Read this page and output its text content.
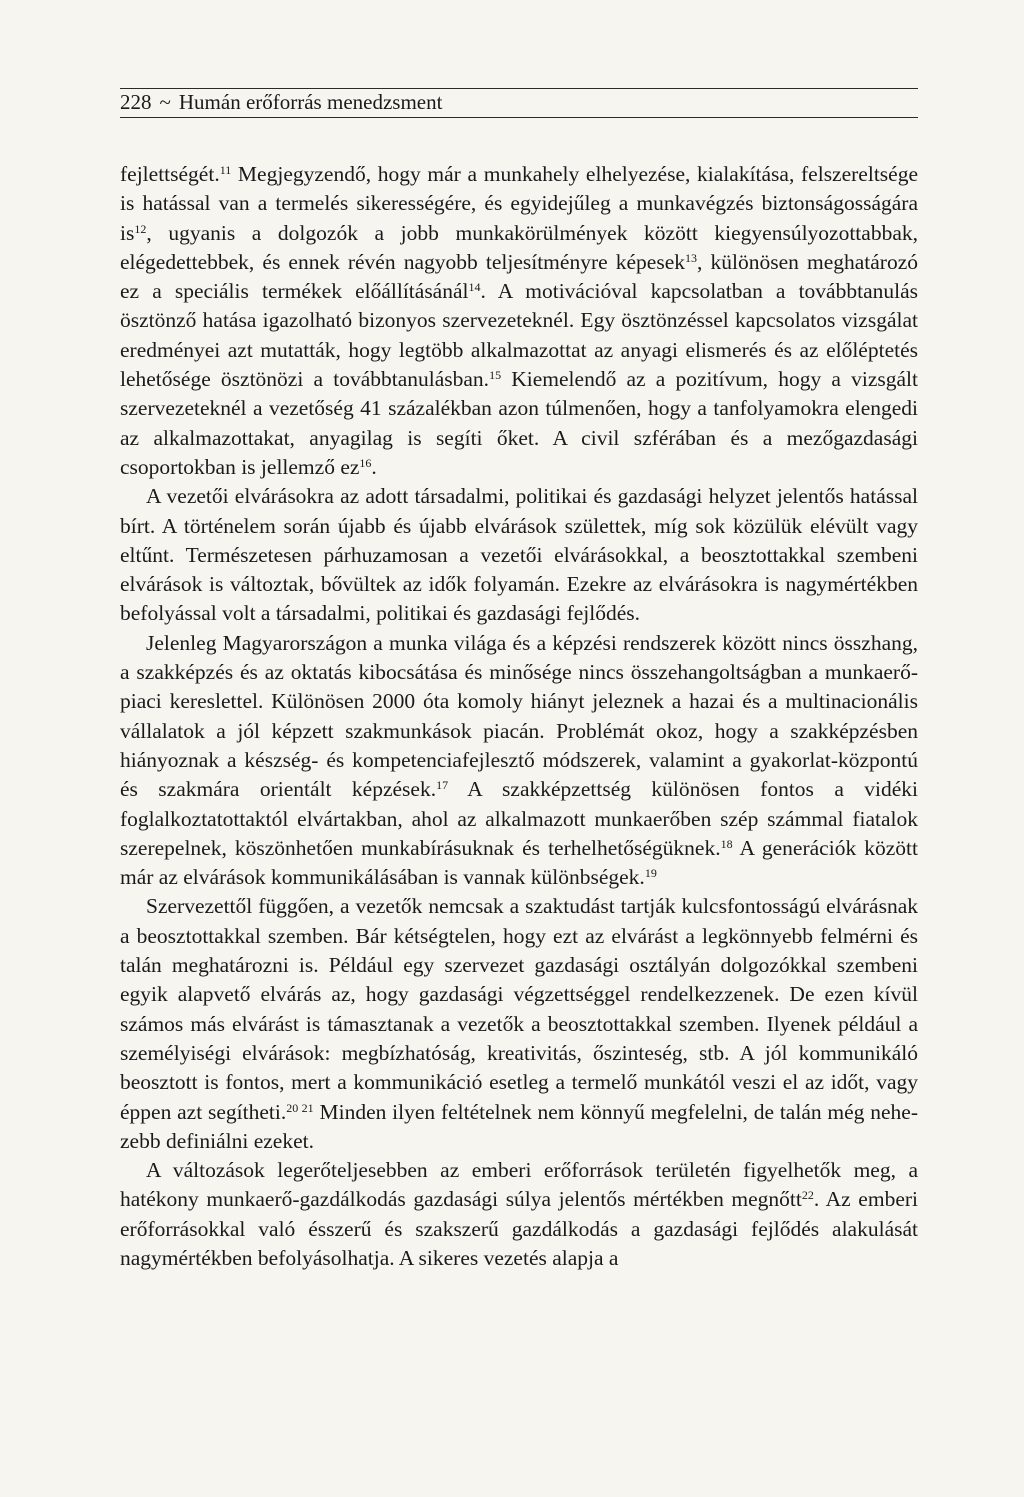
228 ~ Humán erőforrás menedzsment

fejlettségét.$^{11}$ Megjegyzendő, hogy már a munkahely elhelyezése, kialakítása, felszereltsége is hatással van a termelés sikerességére, és egyidejűleg a munkavégzés biztonságosságára $is^{12}$, ugyanis a dolgozók a jobb munkakörülmények között kiegyensúlyozottabbak, elégedettebbek, és ennek révén nagyobb teljesítményre képesek$^{13}$, különösen meghatározó ez a speciális termékek előállításánál$^{14}$. A motivációval kapcsolatban a továbbtanulás ösztönző hatása igazolható bizonyos szervezeteknél. Egy ösztönzéssel kapcsolatos vizsgálat eredményei azt mutatták, hogy legtöbb alkalmazottat az anyagi elismerés és az előléptetés lehetősége ösztönözi a továbbtanulásban.$^{15}$ Kiemelendő az a pozitívum, hogy a vizsgált szervezeteknél a vezetőség 41 százalékban azon túlmenően, hogy a tanfolyamokra elengedi az alkalmazottakat, anyagilag is segíti őket. A civil szférában és a mezőgazdasági csoportokban is jellemző $ez^{16}$.

A vezetői elvárásokra az adott társadalmi, politikai és gazdasági helyzet jelentős hatással bírt. A történelem során újabb és újabb elvárások születtek, míg sok közülük elévült vagy eltűnt. Természetesen párhuzamosan a vezetői elvárásokkal, a beosztottakkal szembeni elvárások is változtak, bővültek az idők folyamán. Ezekre az elvárásokra is nagymértékben befolyással volt a társadalmi, politikai és gazdasági fejlődés.

Jelenleg Magyarországon a munka világa és a képzési rendszerek között nincs összhang, a szakképzés és az oktatás kibocsátása és minősége nincs összehangoltságban a munkaerő-piaci kereslettel. Különösen 2000 óta komoly hiányt jeleznek a hazai és a multinacionális vállalatok a jól képzett szakmunkások piacán. Problémát okoz, hogy a szakképzésben hiányoznak a készség- és kompetenciafejlesztő módszerek, valamint a gyakorlat-központú és szakmára orientált képzések.$^{17}$ A szakképzettség különösen fontos a vidéki foglalkoztatottaktól elvártakban, ahol az alkalmazott munkaerőben szép számmal fiatalok szerepelnek, köszönhetően munkabírásuknak és terhelhetőségüknek.$^{18}$ A generációk között már az elvárások kommunikálásában is vannak különbségek.$^{19}$

Szervezettől függően, a vezetők nemcsak a szaktudást tartják kulcsfontosságú elvárásnak a beosztottakkal szemben. Bár kétségtelen, hogy ezt az elvárást a legkönnyebb felmérni és talán meghatározni is. Például egy szervezet gazdasági osztályán dolgozókkal szembeni egyik alapvető elvárás az, hogy gazdasági végzettséggel rendelkezzenek. De ezen kívül számos más elvárást is támasztanak a vezetők a beosztottakkal szemben. Ilyenek például a személyiségi elvárások: megbízhatóság, kreativitás, őszinteség, stb. A jól kommunikáló beosztott is fontos, mert a kommunikáció esetleg a termelő munkától veszi el az időt, vagy éppen azt segítheti.$^{20 21}$ Minden ilyen feltételnek nem könnyű megfelelni, de talán még nehezebb definiálni ezeket.

A változások legerőteljesebben az emberi erőforrások területén figyelhetők meg, a hatékony munkaerő-gazdálkodás gazdasági súlya jelentős mértékben megnőtt$^{22}$. Az emberi erőforrásokkal való ésszerű és szakszerű gazdálkodás a gazdasági fejlődés alakulását nagymértékben befolyásolhatja. A sikeres vezetés alapja a
